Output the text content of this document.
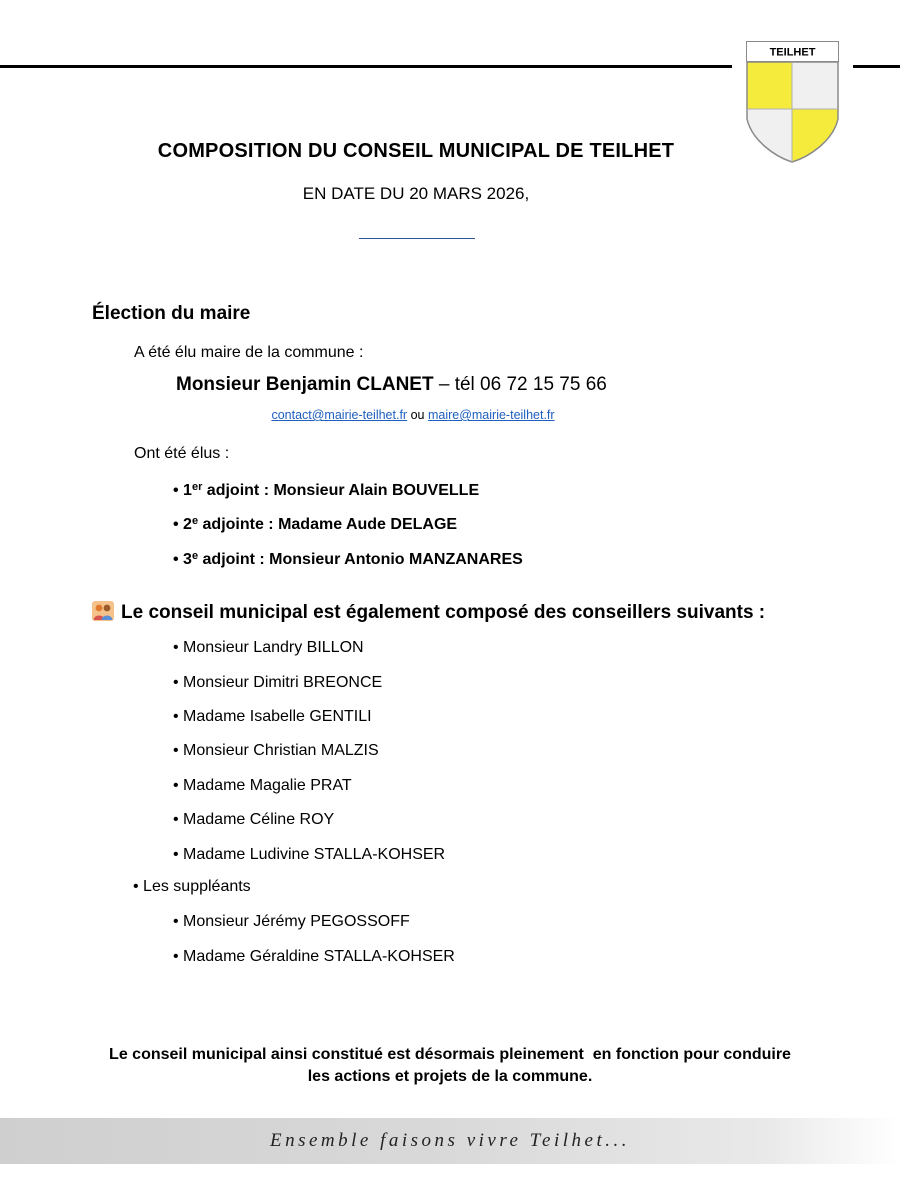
TEILHET
COMPOSITION DU CONSEIL MUNICIPAL DE TEILHET
EN DATE DU 20 MARS 2026,
Élection du maire
A été élu maire de la commune :
Monsieur Benjamin CLANET – tél 06 72 15 75 66
contact@mairie-teilhet.fr ou maire@mairie-teilhet.fr
Ont été élus :
• 1er adjoint : Monsieur Alain BOUVELLE
• 2e adjointe : Madame Aude DELAGE
• 3e adjoint : Monsieur Antonio MANZANARES
Le conseil municipal est également composé des conseillers suivants :
• Monsieur Landry BILLON
• Monsieur Dimitri BREONCE
• Madame Isabelle GENTILI
• Monsieur Christian MALZIS
• Madame Magalie PRAT
• Madame Céline ROY
• Madame Ludivine STALLA-KOHSER
• Les suppléants
• Monsieur Jérémy PEGOSSOFF
• Madame Géraldine STALLA-KOHSER
Le conseil municipal ainsi constitué est désormais pleinement  en fonction pour conduire
les actions et projets de la commune.
Ensemble faisons vivre Teilhet...
